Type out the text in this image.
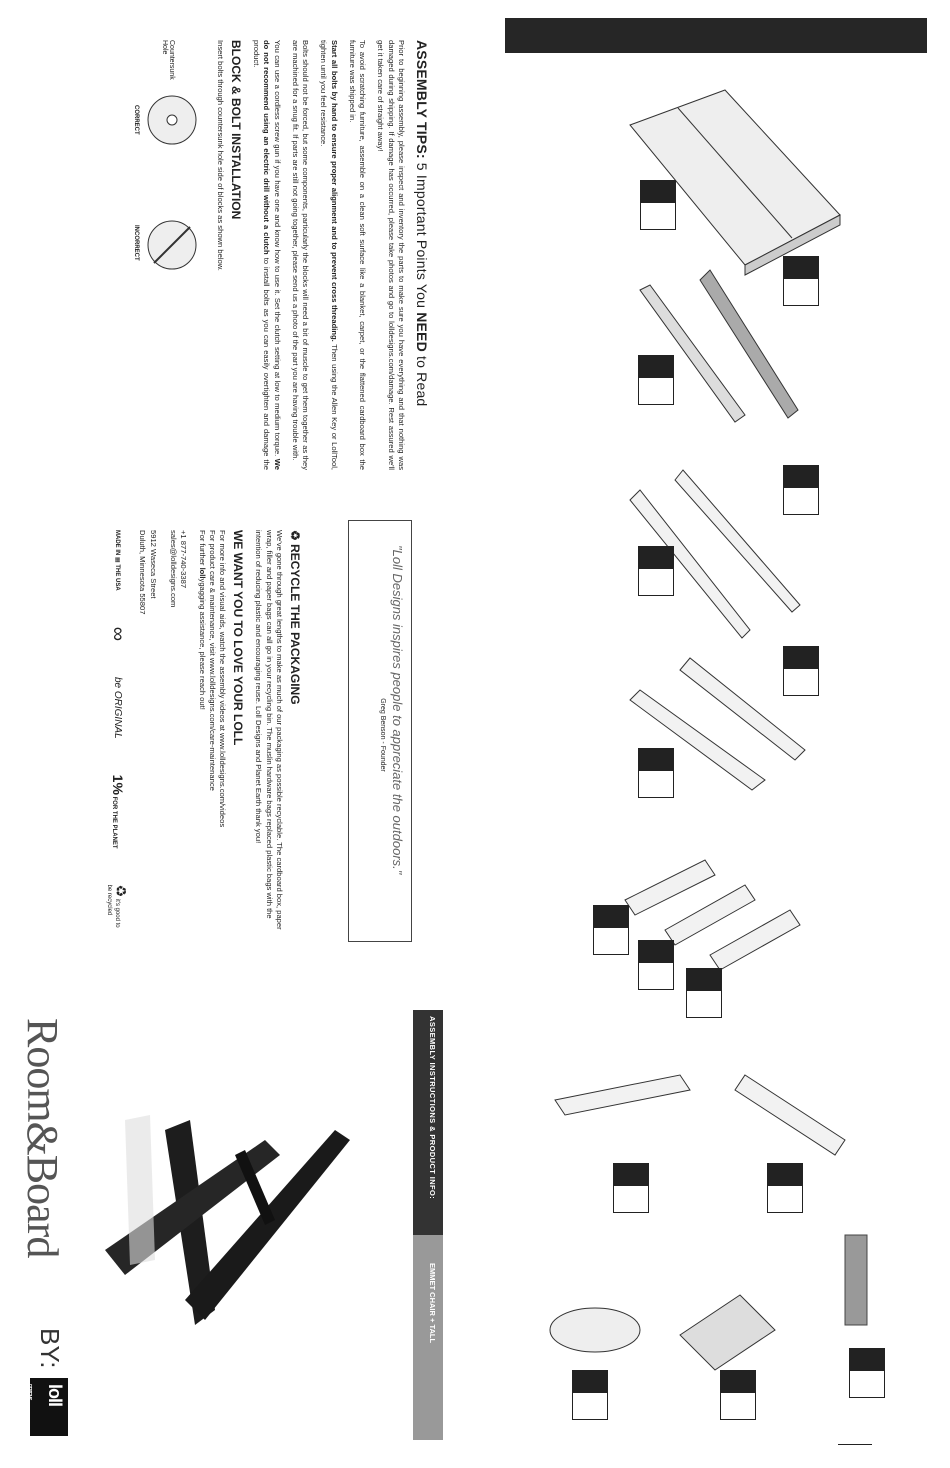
ASSEMBLY INSTRUCTIONS & PRODUCT INFO:
EMMET CHAIR + TALL
ASSEMBLY TIPS: 5 Important Points You NEED to Read

Prior to beginning assembly, please inspect and inventory the parts to make sure you have everything and that nothing was damaged during shipping. If damage has occurred, please take photos and go to lolldesigns.com/damage. Rest assured we'll get it taken care of straight away!

To avoid scratching furniture, assemble on a clean soft surface like a blanket, carpet, or the flattened cardboard box the furniture was shipped in.

Start all bolts by hand to ensure proper alignment and to prevent cross threading. Then using the Allen Key or LollTool, tighten until you feel resistance.

Bolts should not be forced, but some components, particularly the blocks will need a bit of muscle to get them together as they are machined for a snug fit. If parts are still not going together, please send us a photo of the part you are having trouble with.

You can use a cordless screw gun if you have one and know how to use it. Set the clutch setting at low to medium torque. We do not recommend using an electric drill without a clutch to install bolts as you can easily overtighten and damage the product.

BLOCK & BOLT INSTALLATION

Insert bolts through countersunk hole side of blocks as shown below.

Countersunk Hole
CORRECT
INCORRECT
"Loll Designs inspires people to appreciate the outdoors."
Greg Benson - Founder
♻ RECYCLE THE PACKAGING

We've gone through great lengths to make as much of our packaging as possible recyclable. The cardboard box, paper wrap, filler and paper bags can all go in your recycling bin. The muslin hardware bags replaced plastic bags with the intention of reducing plastic and encouraging reuse. Loll Designs and Planet Earth thank you!

WE WANT YOU TO LOVE YOUR LOLL

For more info and visual aids, watch the assembly videos at www.lolldesigns.com/videos
For product care & maintenance, visit www.lolldesigns.com/care-maintenance
For further lollygagging assistance, please reach out!

+1 877-740-3387
sales@lolldesigns.com

5912 Waseca Street
Duluth, Minnesota 55807

MADE IN ▦ THE USA
∞
be ORIGINAL
1% FOR THE PLANET
♻ it's good to
be recycled
Room&Board
BY:
loll
DESIGNS
